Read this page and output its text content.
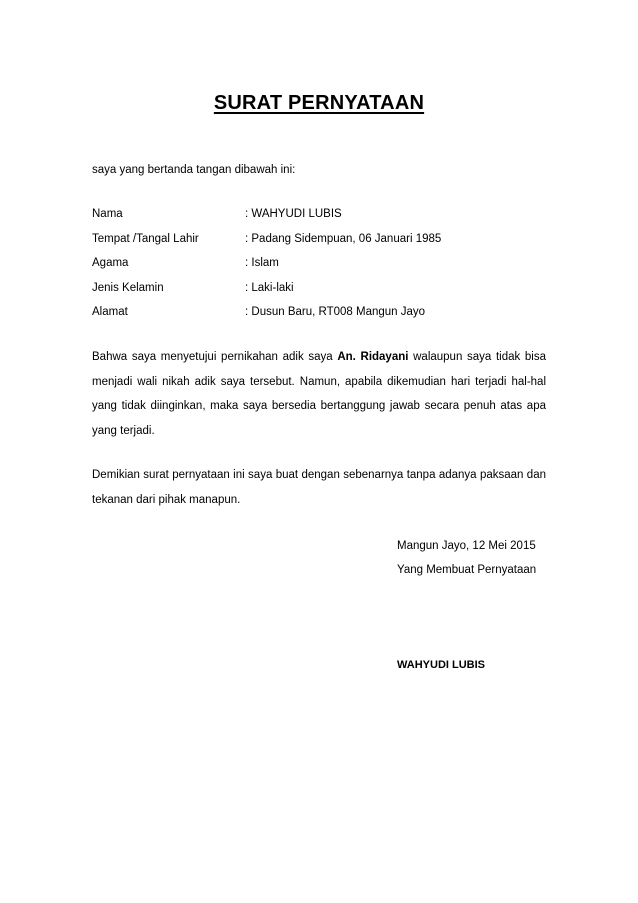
SURAT PERNYATAAN
saya yang bertanda tangan dibawah ini:
Nama	: WAHYUDI LUBIS
Tempat /Tangal Lahir	: Padang Sidempuan, 06 Januari 1985
Agama	: Islam
Jenis Kelamin	: Laki-laki
Alamat	: Dusun Baru, RT008 Mangun Jayo

Bahwa saya menyetujui pernikahan adik saya An. Ridayani walaupun saya tidak bisa menjadi wali nikah adik saya tersebut. Namun, apabila dikemudian hari terjadi hal-hal yang tidak diinginkan, maka saya bersedia bertanggung jawab secara penuh atas apa yang terjadi.

Demikian surat pernyataan ini saya buat dengan sebenarnya tanpa adanya paksaan dan tekanan dari pihak manapun.

Mangun Jayo, 12 Mei 2015
Yang Membuat Pernyataan
WAHYUDI LUBIS
